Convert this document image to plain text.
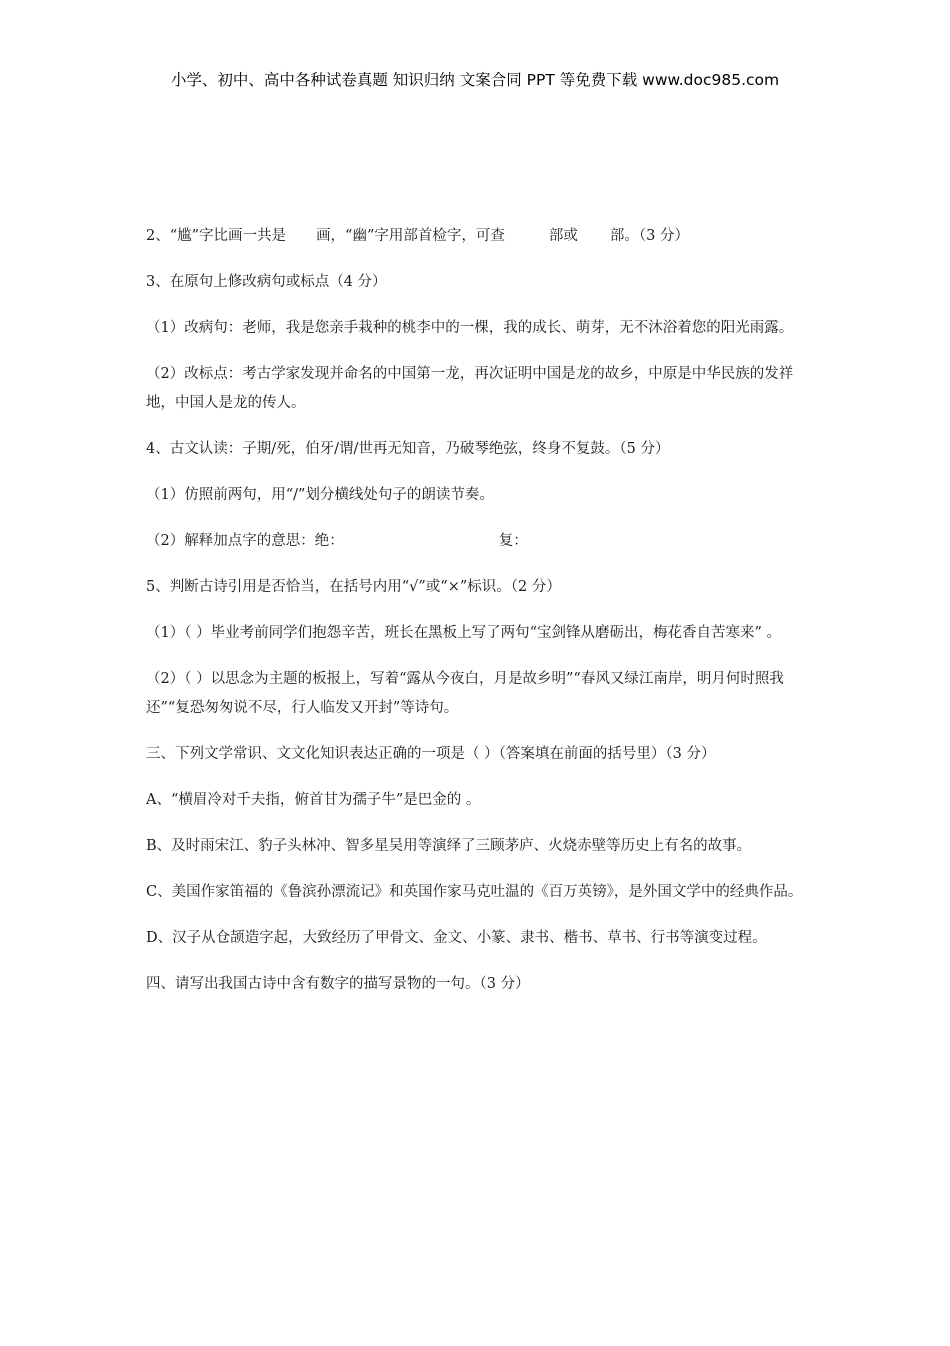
小学、初中、高中各种试卷真题 知识归纳 文案合同 PPT 等免费下载 www.doc985.com

2、“尴”字比画一共是 画，“幽”字用部首检字，可查	部或 部。（3 分）

3、在原句上修改病句或标点（4 分）

（1）改病句：老师，我是您亲手栽种的桃李中的一棵，我的成长、萌芽，无不沐浴着您的阳光雨露。

（2）改标点：考古学家发现并命名的中国第一龙，再次证明中国是龙的故乡，中原是中华民族的发祥地，中国人是龙的传人。

4、古文认读：子期/死，伯牙/谓/世再无知音，乃破琴绝弦，终身不复鼓。（5 分）

（1）仿照前两句，用“/”划分横线处句子的朗读节奏。

（2）解释加点字的意思：绝：	复：

5、判断古诗引用是否恰当，在括号内用“√”或“×”标识。（2 分）

（1）（ ）毕业考前同学们抱怨辛苦，班长在黑板上写了两句“宝剑锋从磨砺出，梅花香自苦寒来” 。

（2）（ ）以思念为主题的板报上，写着“露从今夜白，月是故乡明”“春风又绿江南岸，明月何时照我还”“复恐匆匆说不尽，行人临发又开封”等诗句。

三、下列文学常识、文文化知识表达正确的一项是（ ）（答案填在前面的括号里）（3 分）

A、“横眉冷对千夫指，俯首甘为孺子牛”是巴金的 。

B、及时雨宋江、豹子头林冲、智多星吴用等演绎了三顾茅庐、火烧赤壁等历史上有名的故事。

C、美国作家笛福的《鲁滨孙漂流记》和英国作家马克吐温的《百万英镑》，是外国文学中的经典作品。

D、汉子从仓颉造字起，大致经历了甲骨文、金文、小篆、隶书、楷书、草书、行书等演变过程。

四、请写出我国古诗中含有数字的描写景物的一句。（3 分）
